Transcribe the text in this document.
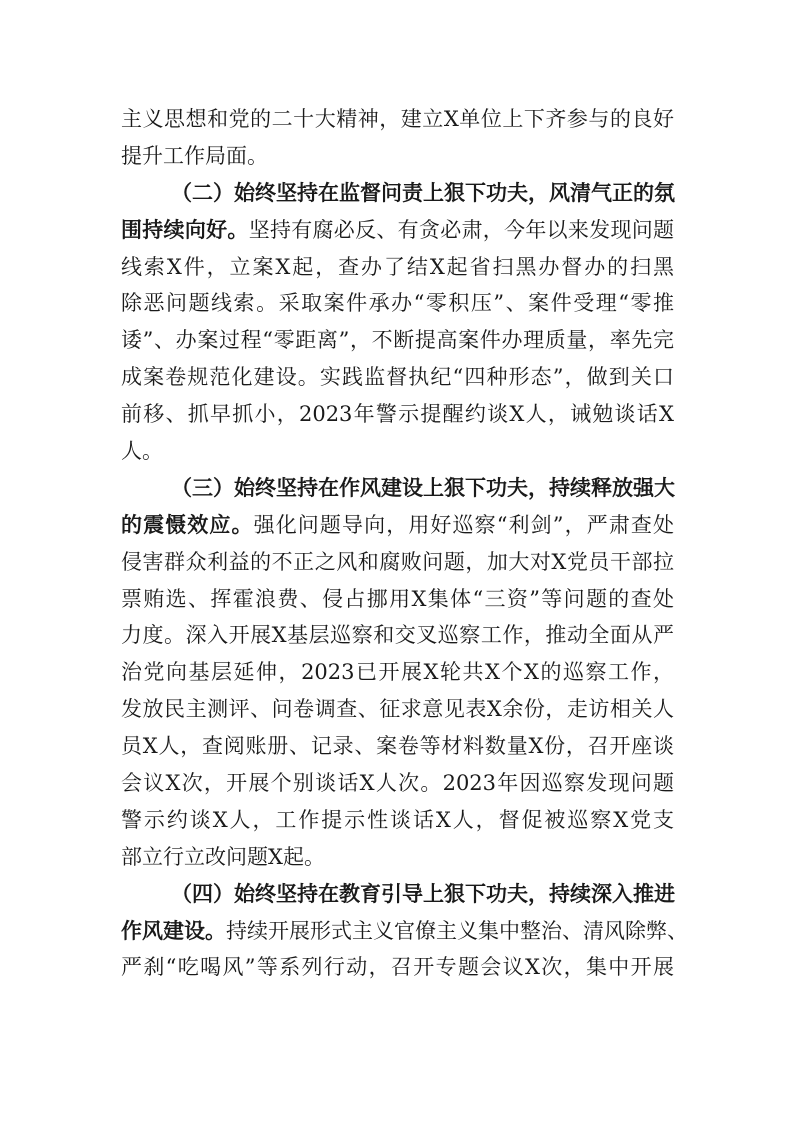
主义思想和党的二十大精神，建立X单位上下齐参与的良好
提升工作局面。
（二）始终坚持在监督问责上狠下功夫，风清气正的氛
围持续向好。坚持有腐必反、有贪必肃，今年以来发现问题
线索X件，立案X起，查办了结X起省扫黑办督办的扫黑
除恶问题线索。采取案件承办“零积压”、案件受理“零推
诿”、办案过程“零距离”，不断提高案件办理质量，率先完
成案卷规范化建设。实践监督执纪“四种形态”，做到关口
前移、抓早抓小，2023年警示提醒约谈X人，诫勉谈话X
人。
（三）始终坚持在作风建设上狠下功夫，持续释放强大
的震慑效应。强化问题导向，用好巡察“利剑”，严肃查处
侵害群众利益的不正之风和腐败问题，加大对X党员干部拉
票贿选、挥霍浪费、侵占挪用X集体“三资”等问题的查处
力度。深入开展X基层巡察和交叉巡察工作，推动全面从严
治党向基层延伸，2023已开展X轮共X个X的巡察工作，
发放民主测评、问卷调查、征求意见表X余份，走访相关人
员X人，查阅账册、记录、案卷等材料数量X份，召开座谈
会议X次，开展个别谈话X人次。2023年因巡察发现问题
警示约谈X人，工作提示性谈话X人，督促被巡察X党支
部立行立改问题X起。
（四）始终坚持在教育引导上狠下功夫，持续深入推进
作风建设。持续开展形式主义官僚主义集中整治、清风除弊、
严刹“吃喝风”等系列行动，召开专题会议X次，集中开展
